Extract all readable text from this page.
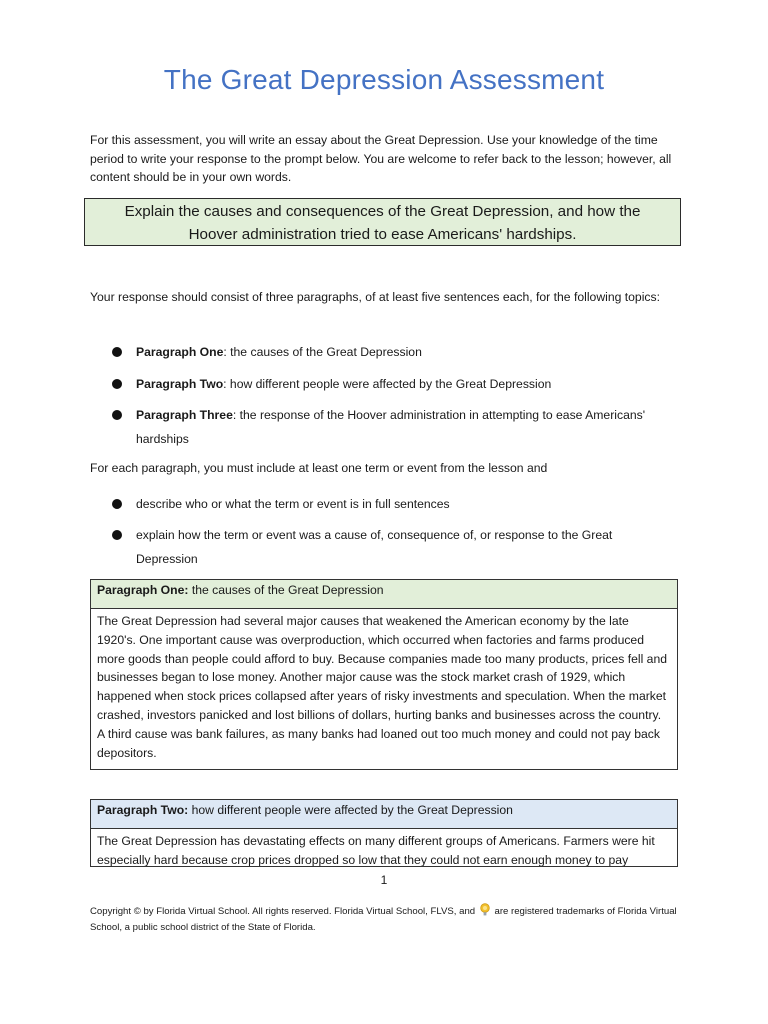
The Great Depression Assessment

For this assessment, you will write an essay about the Great Depression. Use your knowledge of the time period to write your response to the prompt below. You are welcome to refer back to the lesson; however, all content should be in your own words.

Explain the causes and consequences of the Great Depression, and how the
Hoover administration tried to ease Americans' hardships.

Your response should consist of three paragraphs, of at least five sentences each, for the following topics:

Paragraph One: the causes of the Great Depression
Paragraph Two: how different people were affected by the Great Depression
Paragraph Three: the response of the Hoover administration in attempting to ease Americans' hardships

For each paragraph, you must include at least one term or event from the lesson and

describe who or what the term or event is in full sentences
explain how the term or event was a cause of, consequence of, or response to the Great Depression
Paragraph One: the causes of the Great Depression
The Great Depression had several major causes that weakened the American economy by the late 1920's. One important cause was overproduction, which occurred when factories and farms produced more goods than people could afford to buy. Because companies made too many products, prices fell and businesses began to lose money. Another major cause was the stock market crash of 1929, which happened when stock prices collapsed after years of risky investments and speculation. When the market crashed, investors panicked and lost billions of dollars, hurting banks and businesses across the country. A third cause was bank failures, as many banks had loaned out too much money and could not pay back depositors.
Paragraph Two: how different people were affected by the Great Depression
The Great Depression has devastating effects on many different groups of Americans. Farmers were hit especially hard because crop prices dropped so low that they could not earn enough money to pay
1
Copyright © by Florida Virtual School. All rights reserved. Florida Virtual School, FLVS, and are registered trademarks of Florida Virtual School, a public school district of the State of Florida.
